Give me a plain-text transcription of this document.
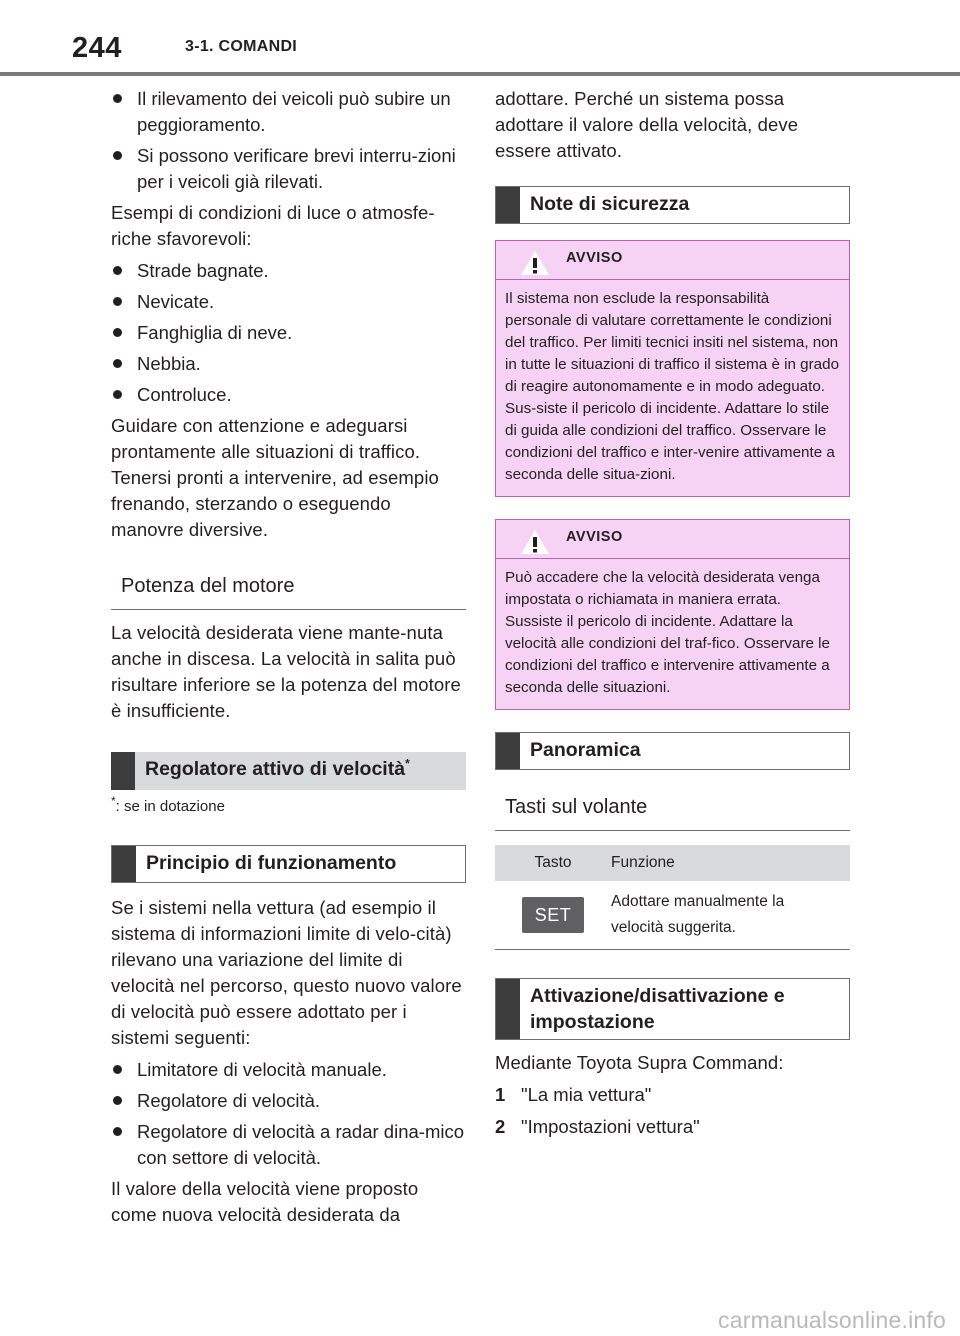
244	3-1. COMANDI
Il rilevamento dei veicoli può subire un peggioramento.
Si possono verificare brevi interru-zioni per i veicoli già rilevati.

Esempi di condizioni di luce o atmosfe-riche sfavorevoli:

Strade bagnate.
Nevicate.
Fanghiglia di neve.
Nebbia.
Controluce.

Guidare con attenzione e adeguarsi prontamente alle situazioni di traffico. Tenersi pronti a intervenire, ad esempio frenando, sterzando o eseguendo manovre diversive.

Potenza del motore

La velocità desiderata viene mante-nuta anche in discesa. La velocità in salita può risultare inferiore se la potenza del motore è insufficiente.

Regolatore attivo di velocità*
*: se in dotazione
Principio di funzionamento

Se i sistemi nella vettura (ad esempio il sistema di informazioni limite di velo-cità) rilevano una variazione del limite di velocità nel percorso, questo nuovo valore di velocità può essere adottato per i sistemi seguenti:

Limitatore di velocità manuale.
Regolatore di velocità.
Regolatore di velocità a radar dina-mico con settore di velocità.

Il valore della velocità viene proposto come nuova velocità desiderata da

adottare. Perché un sistema possa adottare il valore della velocità, deve essere attivato.

Note di sicurezza
AVVISO
Il sistema non esclude la responsabilità personale di valutare correttamente le condizioni del traffico. Per limiti tecnici insiti nel sistema, non in tutte le situazioni di traffico il sistema è in grado di reagire autonomamente e in modo adeguato. Sus-siste il pericolo di incidente. Adattare lo stile di guida alle condizioni del traffico. Osservare le condizioni del traffico e inter-venire attivamente a seconda delle situa-zioni.
AVVISO
Può accadere che la velocità desiderata venga impostata o richiamata in maniera errata. Sussiste il pericolo di incidente. Adattare la velocità alle condizioni del traf-fico. Osservare le condizioni del traffico e intervenire attivamente a seconda delle situazioni.
Panoramica
Tasti sul volante
Tasto	Funzione
SET	Adottare manualmente la velocità suggerita.
Attivazione/disattivazione e impostazione

Mediante Toyota Supra Command:

1 "La mia vettura"
2 "Impostazioni vettura"
carmanualsonline.info
